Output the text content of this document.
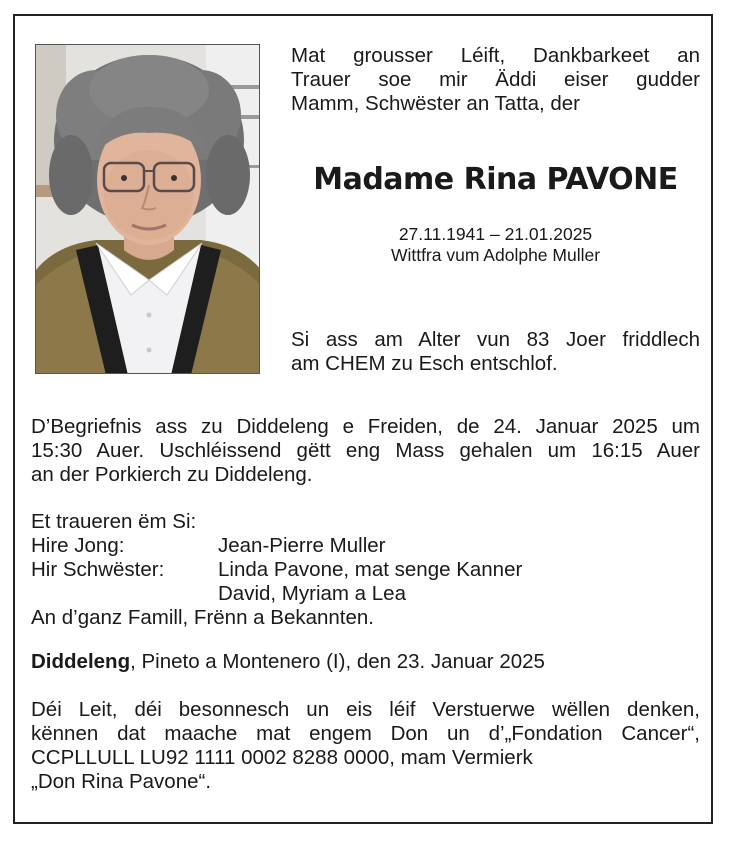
Mat grousser Léift, Dankbarkeet an
Trauer soe mir Äddi eiser gudder
Mamm, Schwëster an Tatta, der
Madame Rina PAVONE
27.11.1941 – 21.01.2025
Wittfra vum Adolphe Muller
Si ass am Alter vun 83 Joer friddlech
am CHEM zu Esch entschlof.
D’Begriefnis ass zu Diddeleng e Freiden, de 24. Januar 2025 um
15:30 Auer. Uschléissend gëtt eng Mass gehalen um 16:15 Auer
an der Porkierch zu Diddeleng.
Et traueren ëm Si:
Hire Jong:	Jean-Pierre Muller
Hir Schwëster:	Linda Pavone, mat senge Kanner
David, Myriam a Lea
An d’ganz Famill, Frënn a Bekannten.
Diddeleng, Pineto a Montenero (I), den 23. Januar 2025
Déi Leit, déi besonnesch un eis léif Verstuerwe wëllen denken,
kënnen dat maache mat engem Don un d’„Fondation Cancer“,
CCPLLULL LU92 1111 0002 8288 0000, mam Vermierk
„Don Rina Pavone“.
